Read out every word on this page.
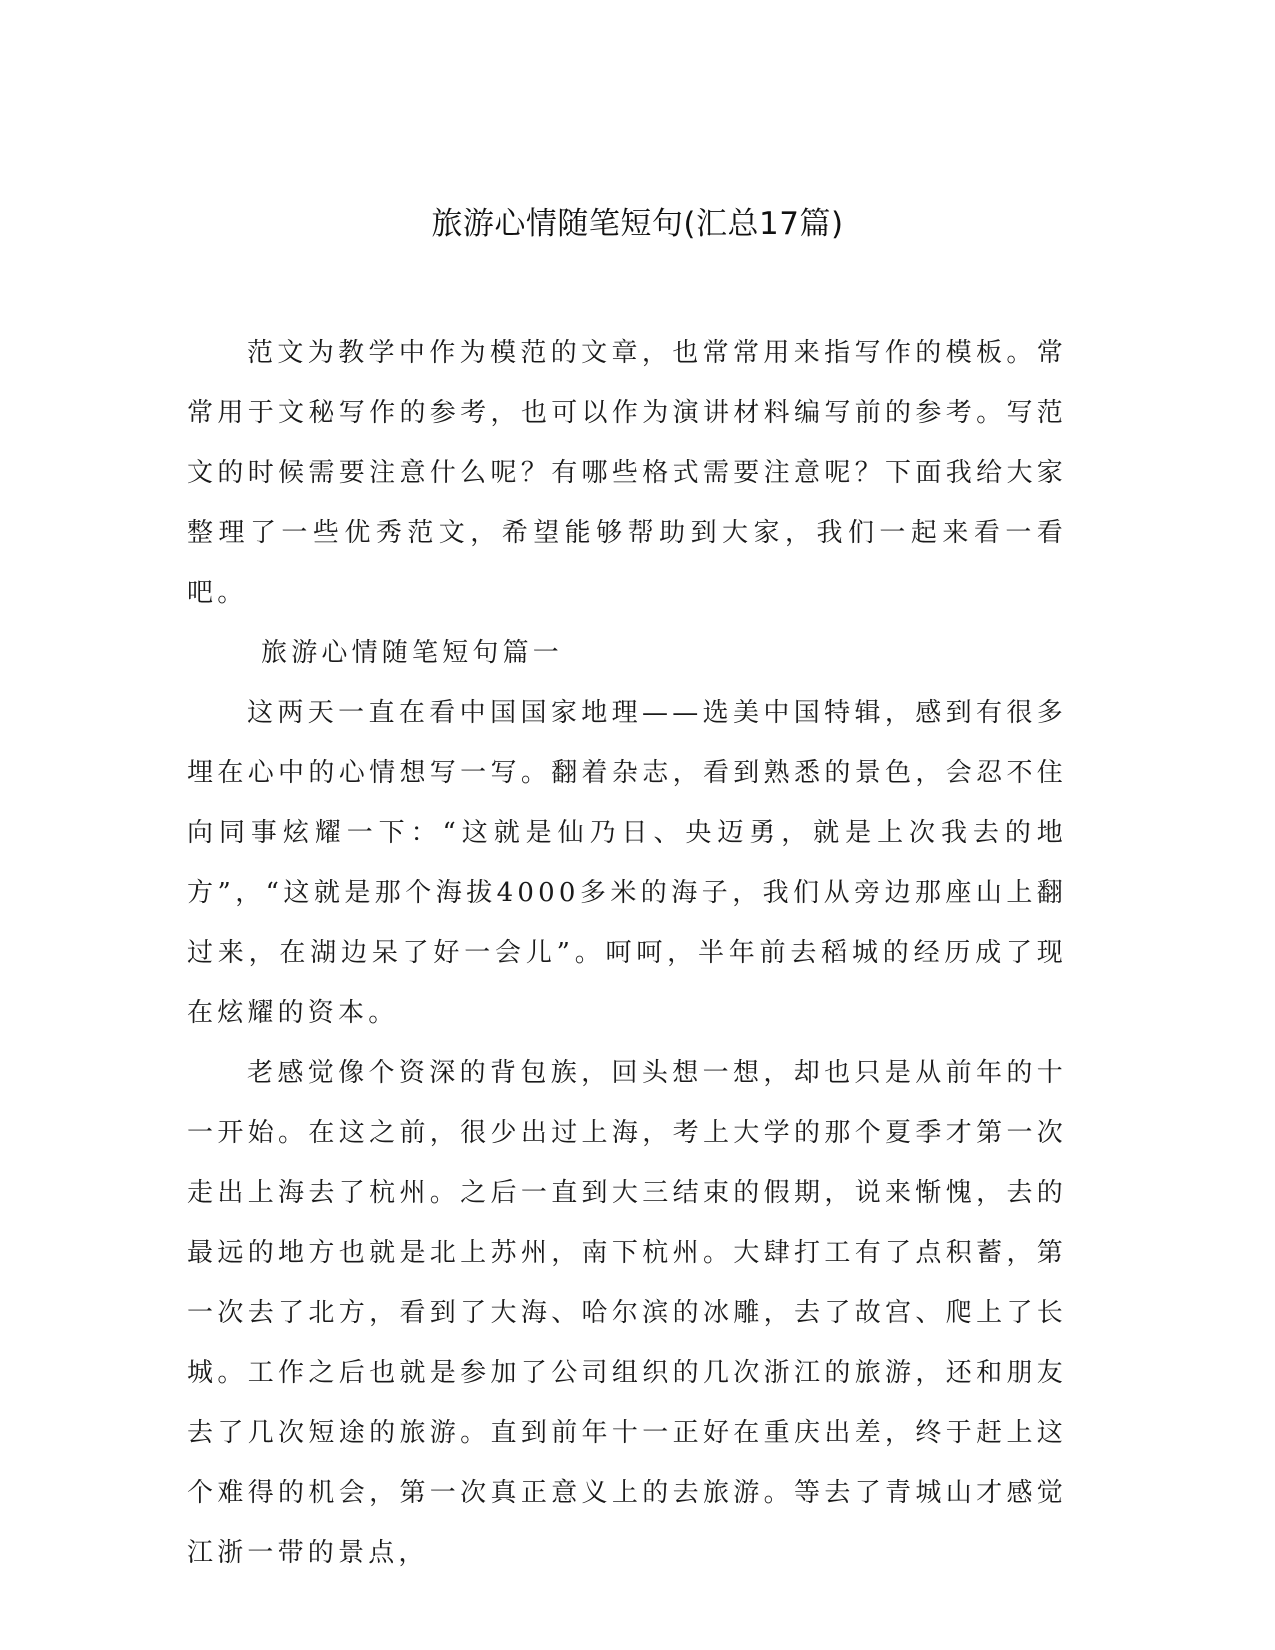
旅游心情随笔短句(汇总17篇)

范文为教学中作为模范的文章，也常常用来指写作的模板。常常用于文秘写作的参考，也可以作为演讲材料编写前的参考。写范文的时候需要注意什么呢？有哪些格式需要注意呢？下面我给大家整理了一些优秀范文，希望能够帮助到大家，我们一起来看一看吧。

旅游心情随笔短句篇一

这两天一直在看中国国家地理——选美中国特辑，感到有很多埋在心中的心情想写一写。翻着杂志，看到熟悉的景色，会忍不住向同事炫耀一下：“这就是仙乃日、央迈勇，就是上次我去的地方”，“这就是那个海拔4000多米的海子，我们从旁边那座山上翻过来，在湖边呆了好一会儿”。呵呵，半年前去稻城的经历成了现在炫耀的资本。

老感觉像个资深的背包族，回头想一想，却也只是从前年的十一开始。在这之前，很少出过上海，考上大学的那个夏季才第一次走出上海去了杭州。之后一直到大三结束的假期，说来惭愧，去的最远的地方也就是北上苏州，南下杭州。大肆打工有了点积蓄，第一次去了北方，看到了大海、哈尔滨的冰雕，去了故宫、爬上了长城。工作之后也就是参加了公司组织的几次浙江的旅游，还和朋友去了几次短途的旅游。直到前年十一正好在重庆出差，终于赶上这个难得的机会，第一次真正意义上的去旅游。等去了青城山才感觉江浙一带的景点，
